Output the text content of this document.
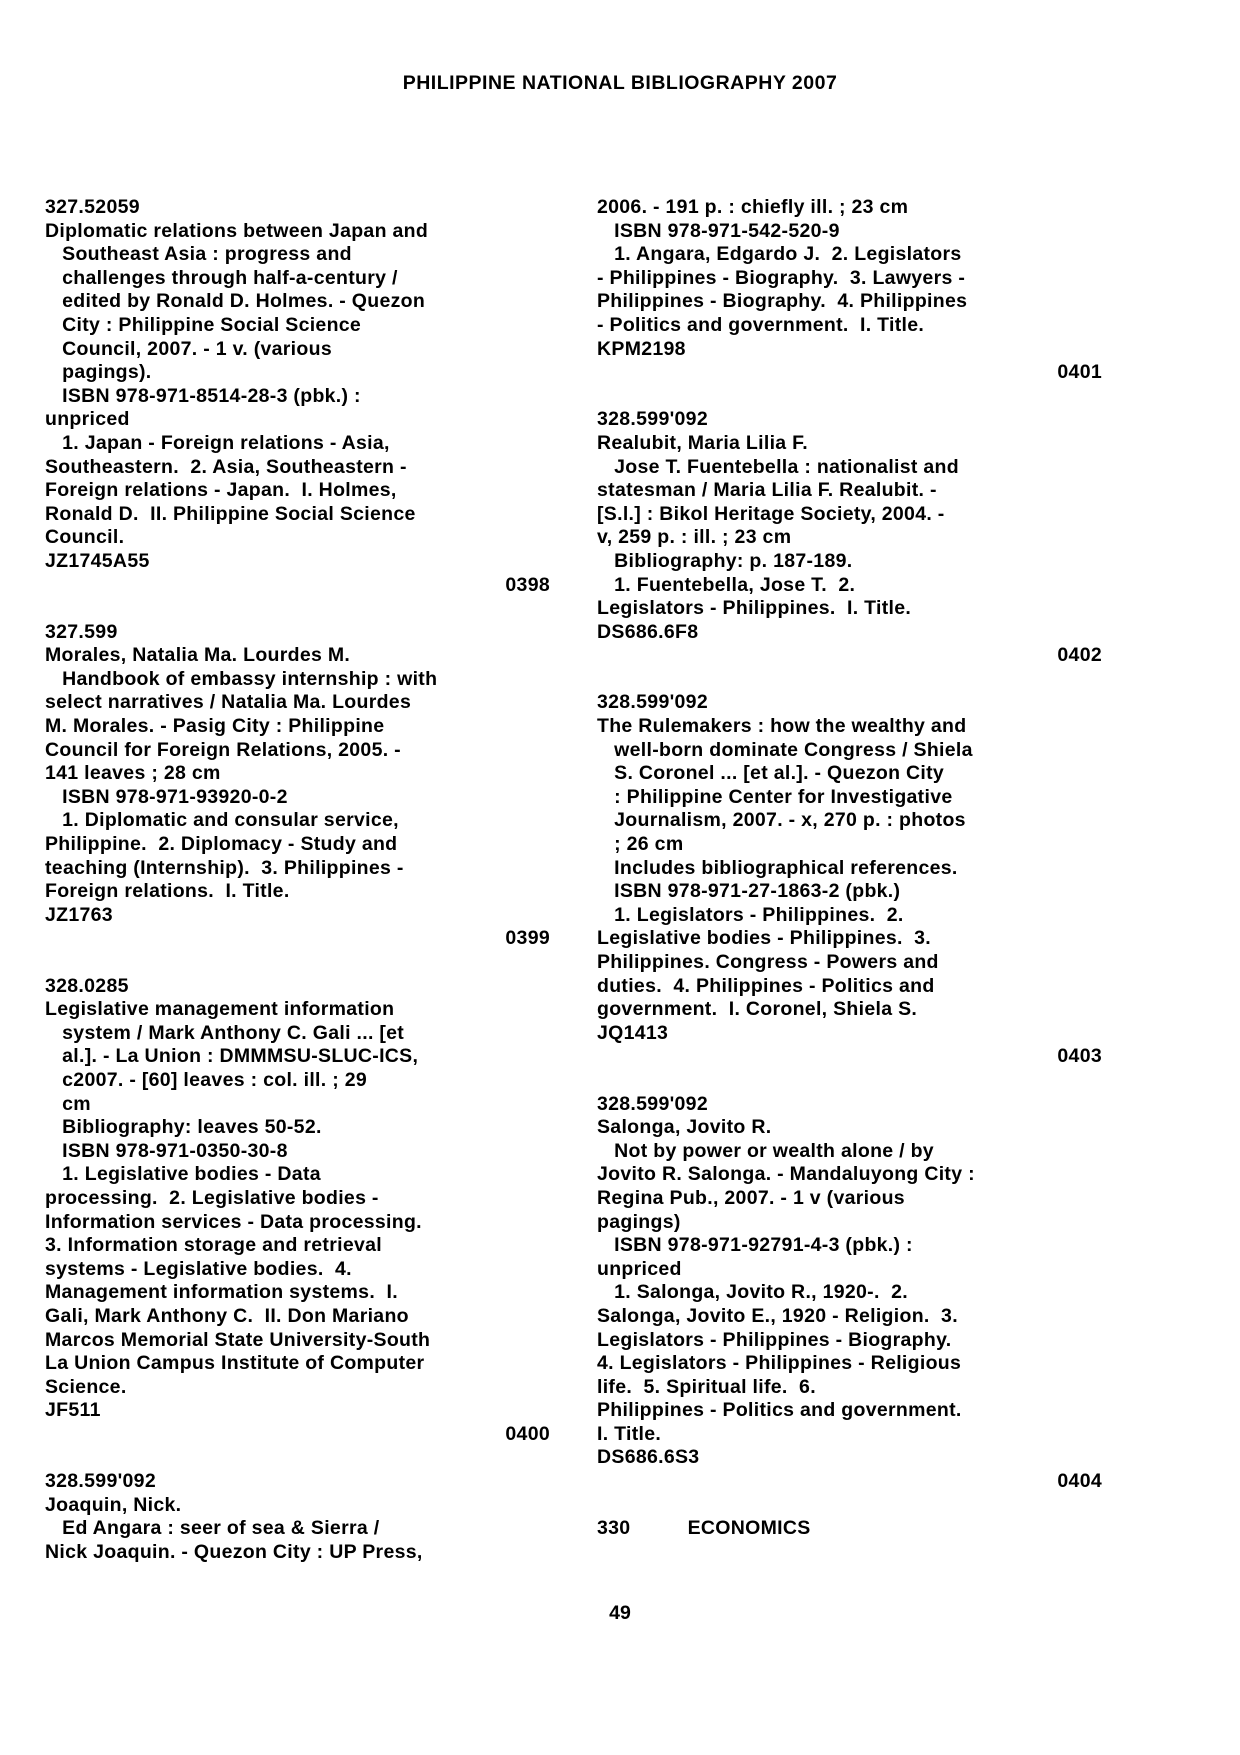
PHILIPPINE NATIONAL BIBLIOGRAPHY 2007
327.52059
Diplomatic relations between Japan and
Southeast Asia : progress and
challenges through half-a-century /
edited by Ronald D. Holmes. - Quezon
City : Philippine Social Science
Council, 2007. - 1 v. (various
pagings).
ISBN 978-971-8514-28-3 (pbk.) :
unpriced
1. Japan - Foreign relations - Asia,
Southeastern.  2. Asia, Southeastern -
Foreign relations - Japan.  I. Holmes,
Ronald D.  II. Philippine Social Science
Council.
JZ1745A55
0398
327.599
Morales, Natalia Ma. Lourdes M.
Handbook of embassy internship : with
select narratives / Natalia Ma. Lourdes
M. Morales. - Pasig City : Philippine
Council for Foreign Relations, 2005. -
141 leaves ; 28 cm
ISBN 978-971-93920-0-2
1. Diplomatic and consular service,
Philippine.  2. Diplomacy - Study and
teaching (Internship).  3. Philippines -
Foreign relations.  I. Title.
JZ1763
0399
328.0285
Legislative management information
system / Mark Anthony C. Gali ... [et
al.]. - La Union : DMMMSU-SLUC-ICS,
c2007. - [60] leaves : col. ill. ; 29
cm
Bibliography: leaves 50-52.
ISBN 978-971-0350-30-8
1. Legislative bodies - Data
processing.  2. Legislative bodies -
Information services - Data processing.
3. Information storage and retrieval
systems - Legislative bodies.  4.
Management information systems.  I.
Gali, Mark Anthony C.  II. Don Mariano
Marcos Memorial State University-South
La Union Campus Institute of Computer
Science.
JF511
0400
328.599'092
Joaquin, Nick.
Ed Angara : seer of sea & Sierra /
Nick Joaquin. - Quezon City : UP Press,
2006. - 191 p. : chiefly ill. ; 23 cm
ISBN 978-971-542-520-9
1. Angara, Edgardo J.  2. Legislators
- Philippines - Biography.  3. Lawyers -
Philippines - Biography.  4. Philippines
- Politics and government.  I. Title.
KPM2198
0401
328.599'092
Realubit, Maria Lilia F.
Jose T. Fuentebella : nationalist and
statesman / Maria Lilia F. Realubit. -
[S.l.] : Bikol Heritage Society, 2004. -
v, 259 p. : ill. ; 23 cm
Bibliography: p. 187-189.
1. Fuentebella, Jose T.  2.
Legislators - Philippines.  I. Title.
DS686.6F8
0402
328.599'092
The Rulemakers : how the wealthy and
well-born dominate Congress / Shiela
S. Coronel ... [et al.]. - Quezon City
: Philippine Center for Investigative
Journalism, 2007. - x, 270 p. : photos
; 26 cm
Includes bibliographical references.
ISBN 978-971-27-1863-2 (pbk.)
1. Legislators - Philippines.  2.
Legislative bodies - Philippines.  3.
Philippines. Congress - Powers and
duties.  4. Philippines - Politics and
government.  I. Coronel, Shiela S.
JQ1413
0403
328.599'092
Salonga, Jovito R.
Not by power or wealth alone / by
Jovito R. Salonga. - Mandaluyong City :
Regina Pub., 2007. - 1 v (various
pagings)
ISBN 978-971-92791-4-3 (pbk.) :
unpriced
1. Salonga, Jovito R., 1920-.  2.
Salonga, Jovito E., 1920 - Religion.  3.
Legislators - Philippines - Biography.
4. Legislators - Philippines - Religious
life.  5. Spiritual life.  6.
Philippines - Politics and government.
I. Title.
DS686.6S3
0404
330          ECONOMICS
49
